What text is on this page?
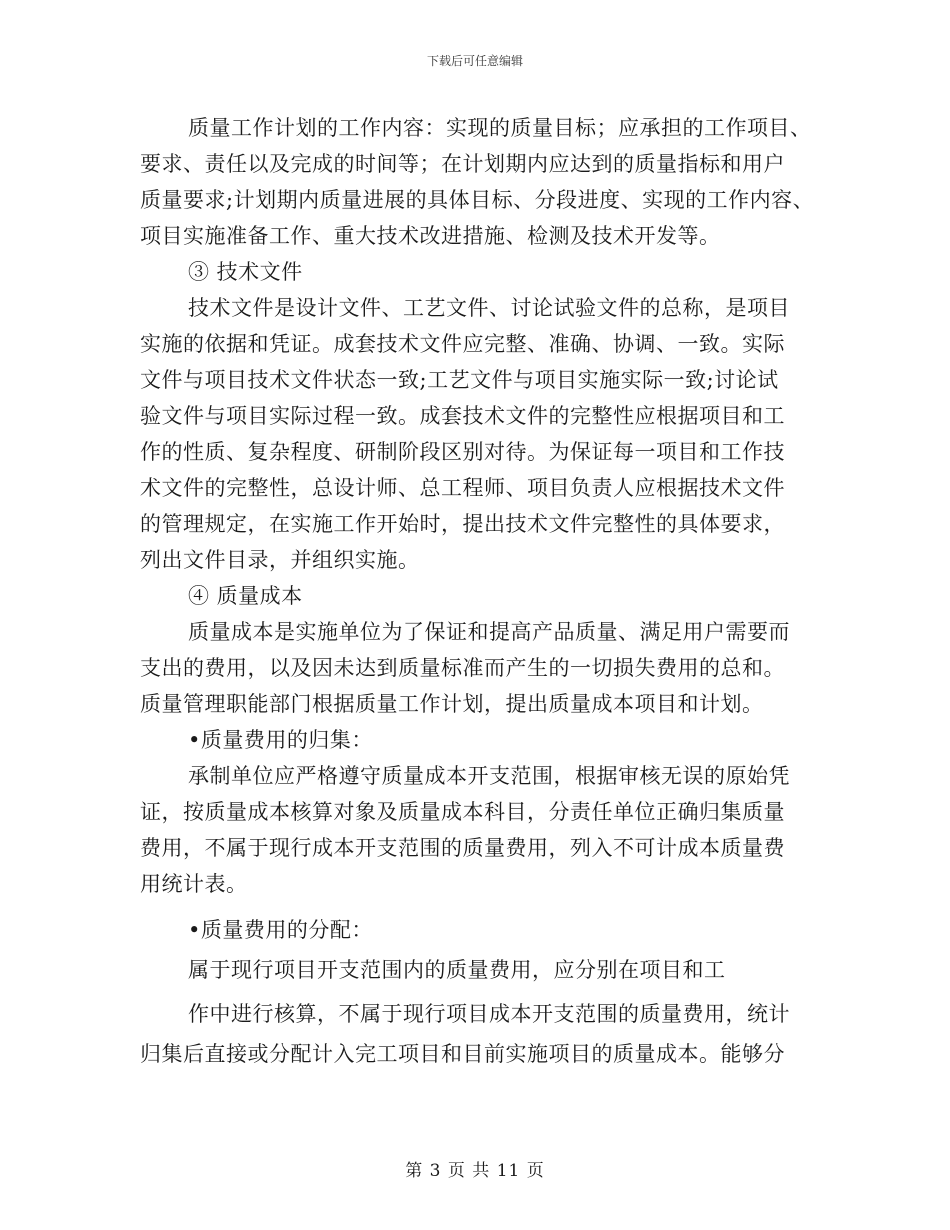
下载后可任意编辑
质量工作计划的工作内容：实现的质量目标；应承担的工作项目、
要求、责任以及完成的时间等；在计划期内应达到的质量指标和用户
质量要求;计划期内质量进展的具体目标、分段进度、实现的工作内容、
项目实施准备工作、重大技术改进措施、检测及技术开发等。
③ 技术文件
技术文件是设计文件、工艺文件、讨论试验文件的总称，是项目
实施的依据和凭证。成套技术文件应完整、准确、协调、一致。实际
文件与项目技术文件状态一致;工艺文件与项目实施实际一致;讨论试
验文件与项目实际过程一致。成套技术文件的完整性应根据项目和工
作的性质、复杂程度、研制阶段区别对待。为保证每一项目和工作技
术文件的完整性，总设计师、总工程师、项目负责人应根据技术文件
的管理规定，在实施工作开始时，提出技术文件完整性的具体要求，
列出文件目录，并组织实施。
④ 质量成本
质量成本是实施单位为了保证和提高产品质量、满足用户需要而
支出的费用，以及因未达到质量标准而产生的一切损失费用的总和。
质量管理职能部门根据质量工作计划，提出质量成本项目和计划。
•质量费用的归集：
承制单位应严格遵守质量成本开支范围，根据审核无误的原始凭
证，按质量成本核算对象及质量成本科目，分责任单位正确归集质量
费用，不属于现行成本开支范围的质量费用，列入不可计成本质量费
用统计表。
•质量费用的分配：
属于现行项目开支范围内的质量费用，应分别在项目和工
作中进行核算，不属于现行项目成本开支范围的质量费用，统计
归集后直接或分配计入完工项目和目前实施项目的质量成本。能够分
第 3 页 共 11 页
